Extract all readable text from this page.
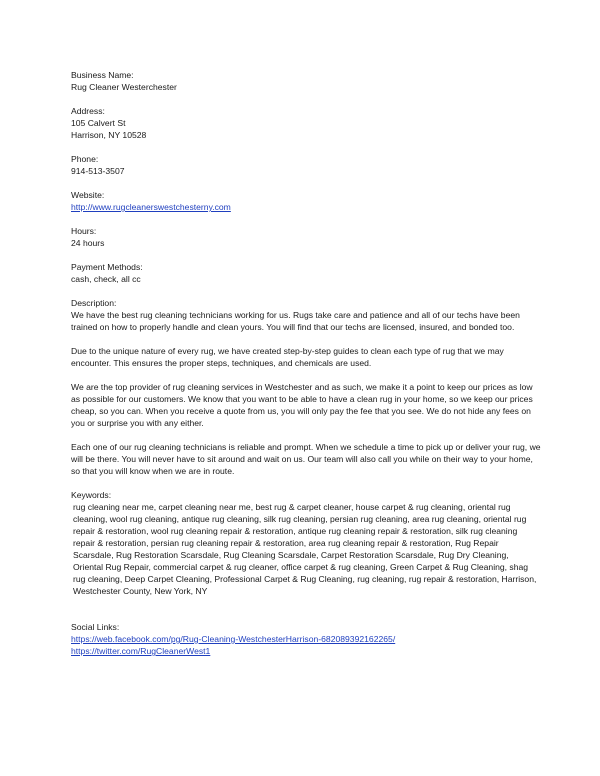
Business Name:
Rug Cleaner Westerchester
Address:
105 Calvert St
Harrison, NY 10528
Phone:
914-513-3507
Website:
http://www.rugcleanerswestchesterny.com
Hours:
24 hours
Payment Methods:
cash, check, all cc
Description:
We have the best rug cleaning technicians working for us. Rugs take care and patience and all of our techs have been trained on how to properly handle and clean yours. You will find that our techs are licensed, insured, and bonded too.
Due to the unique nature of every rug, we have created step-by-step guides to clean each type of rug that we may encounter. This ensures the proper steps, techniques, and chemicals are used.
We are the top provider of rug cleaning services in Westchester and as such, we make it a point to keep our prices as low as possible for our customers. We know that you want to be able to have a clean rug in your home, so we keep our prices cheap, so you can. When you receive a quote from us, you will only pay the fee that you see. We do not hide any fees on you or surprise you with any either.
Each one of our rug cleaning technicians is reliable and prompt. When we schedule a time to pick up or deliver your rug, we will be there. You will never have to sit around and wait on us. Our team will also call you while on their way to your home, so that you will know when we are in route.
Keywords:
rug cleaning near me, carpet cleaning near me, best rug & carpet cleaner, house carpet & rug cleaning, oriental rug cleaning, wool rug cleaning, antique rug cleaning, silk rug cleaning, persian rug cleaning, area rug cleaning, oriental rug repair & restoration, wool rug cleaning repair & restoration, antique rug cleaning repair & restoration, silk rug cleaning repair & restoration, persian rug cleaning repair & restoration, area rug cleaning repair & restoration, Rug Repair Scarsdale, Rug Restoration Scarsdale, Rug Cleaning Scarsdale, Carpet Restoration Scarsdale, Rug Dry Cleaning, Oriental Rug Repair, commercial carpet & rug cleaner, office carpet & rug cleaning, Green Carpet & Rug Cleaning, shag rug cleaning, Deep Carpet Cleaning, Professional Carpet & Rug Cleaning, rug cleaning, rug repair & restoration, Harrison, Westchester County, New York, NY
Social Links:
https://web.facebook.com/pg/Rug-Cleaning-WestchesterHarrison-682089392162265/
https://twitter.com/RugCleanerWest1
